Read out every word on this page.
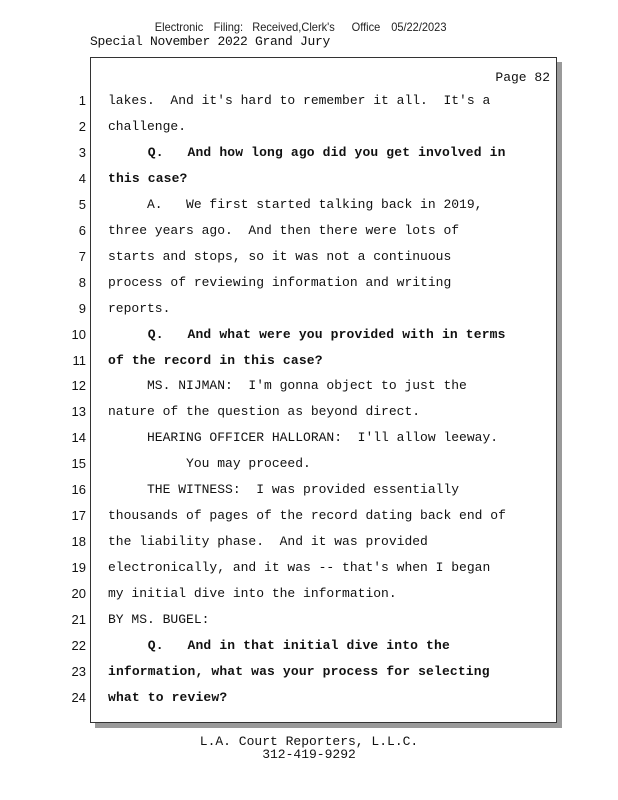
Electronic Filing: Received,Clerk's Office 05/22/2023
Special November 2022 Grand Jury
Page 82
1 lakes.  And it's hard to remember it all.  It's a
2 challenge.
3 Q.   And how long ago did you get involved in
4 this case?
5 A.   We first started talking back in 2019,
6 three years ago.  And then there were lots of
7 starts and stops, so it was not a continuous
8 process of reviewing information and writing
9 reports.
10 Q.   And what were you provided with in terms
11 of the record in this case?
12 MS. NIJMAN:  I'm gonna object to just the
13 nature of the question as beyond direct.
14 HEARING OFFICER HALLORAN:  I'll allow leeway.
15 You may proceed.
16 THE WITNESS:  I was provided essentially
17 thousands of pages of the record dating back end of
18 the liability phase.  And it was provided
19 electronically, and it was -- that's when I began
20 my initial dive into the information.
21 BY MS. BUGEL:
22 Q.   And in that initial dive into the
23 information, what was your process for selecting
24 what to review?
L.A. Court Reporters, L.L.C.
312-419-9292
